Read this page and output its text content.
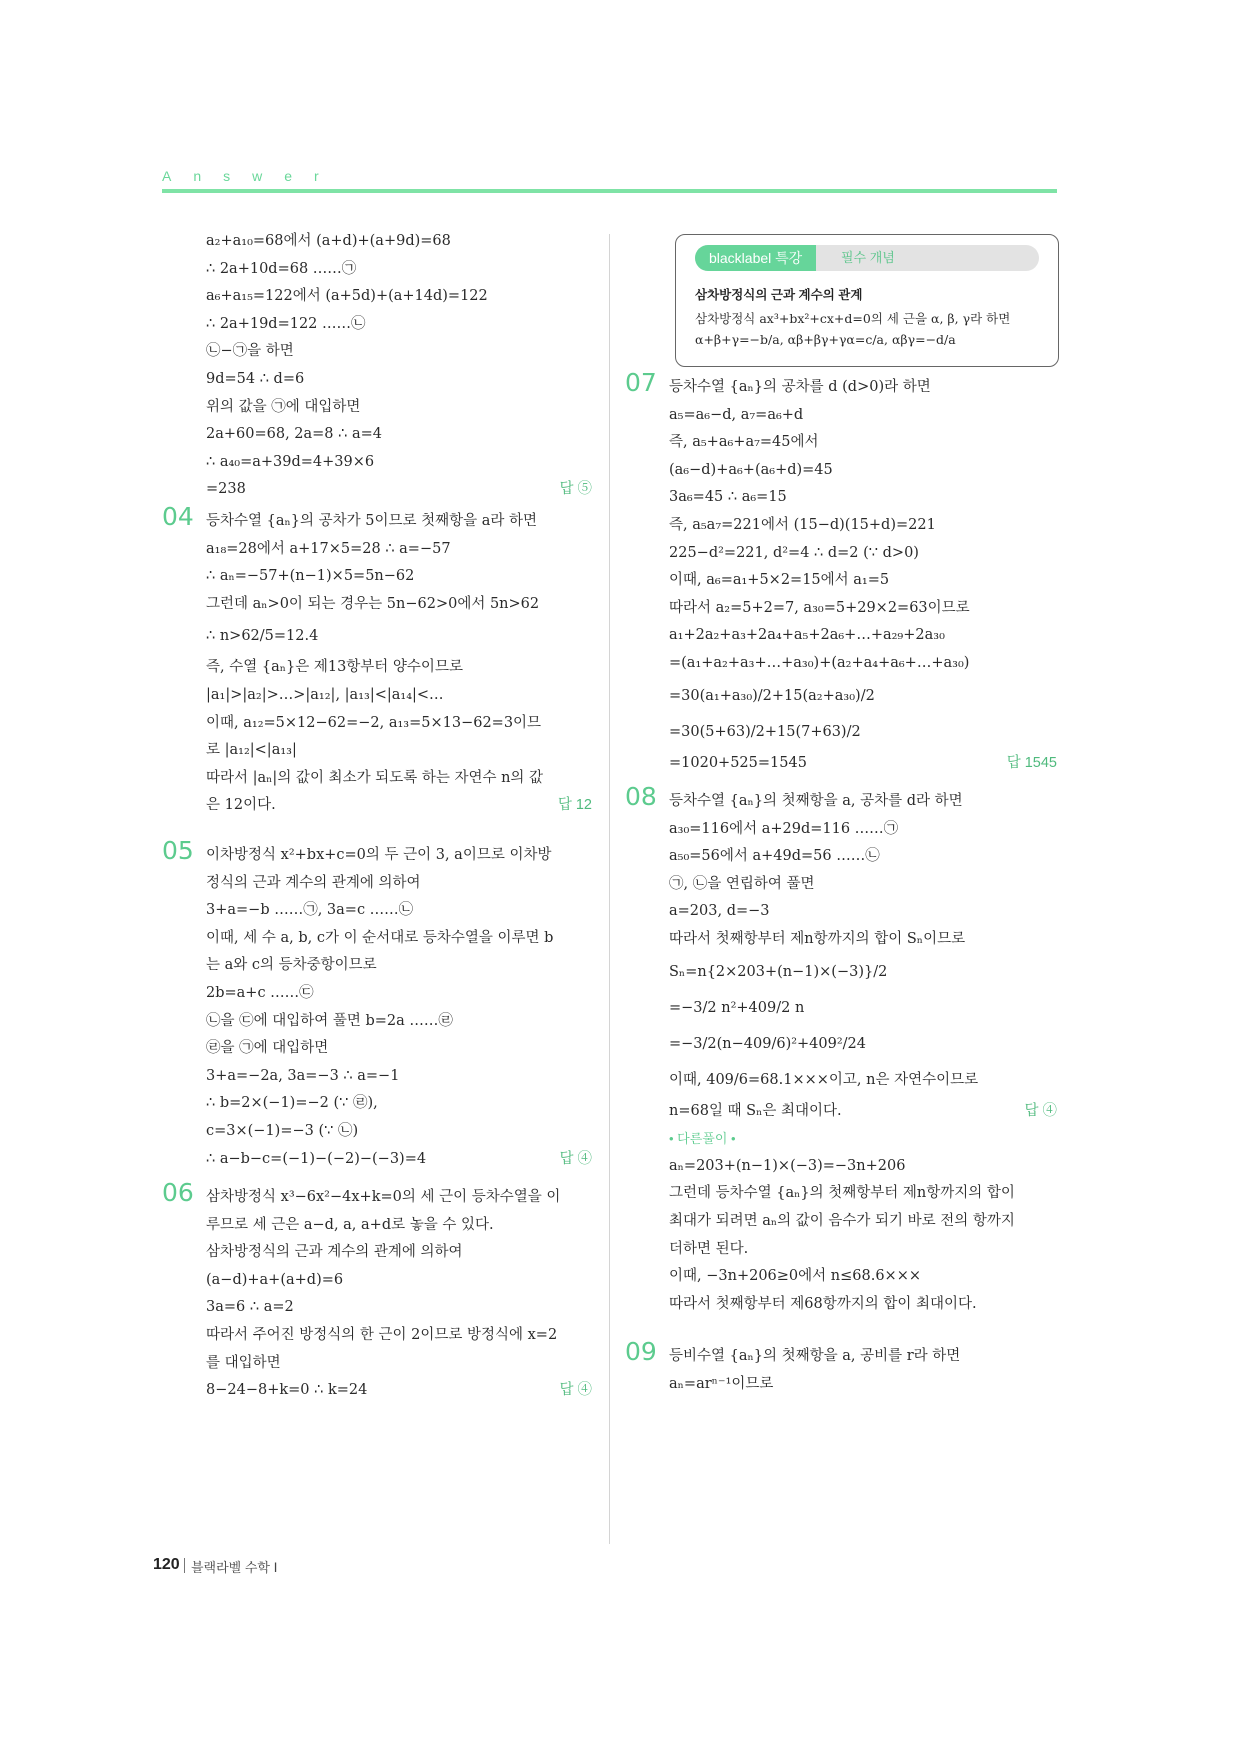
Answer
a₂+a₁₀=68에서 (a+d)+(a+9d)=68
∴ 2a+10d=68 ……㉠
a₆+a₁₅=122에서 (a+5d)+(a+14d)=122
∴ 2a+19d=122 ……㉡
㉡−㉠을 하면
9d=54 ∴ d=6
위의 값을 ㉠에 대입하면
2a+60=68, 2a=8 ∴ a=4
∴ a₄₀=a+39d=4+39×6
=238	답 ⑤
04 등차수열 {aₙ}의 공차가 5이므로 첫째항을 a라 하면
a₁₈=28에서 a+17×5=28 ∴ a=−57
∴ aₙ=−57+(n−1)×5=5n−62
그런데 aₙ>0이 되는 경우는 5n−62>0에서 5n>62
∴ n>62/5=12.4
즉, 수열 {aₙ}은 제13항부터 양수이므로
|a₁|>|a₂|>…>|a₁₂|, |a₁₃|<|a₁₄|<…
이때, a₁₂=5×12−62=−2, a₁₃=5×13−62=3이므
로 |a₁₂|<|a₁₃|
따라서 |aₙ|의 값이 최소가 되도록 하는 자연수 n의 값
은 12이다.	답 12
05 이차방정식 x²+bx+c=0의 두 근이 3, a이므로 이차방
정식의 근과 계수의 관계에 의하여
3+a=−b ……㉠, 3a=c ……㉡
이때, 세 수 a, b, c가 이 순서대로 등차수열을 이루면 b
는 a와 c의 등차중항이므로
2b=a+c ……㉢
㉡을 ㉢에 대입하여 풀면 b=2a ……㉣
㉣을 ㉠에 대입하면
3+a=−2a, 3a=−3 ∴ a=−1
∴ b=2×(−1)=−2 (∵ ㉣),
c=3×(−1)=−3 (∵ ㉡)
∴ a−b−c=(−1)−(−2)−(−3)=4	답 ④
06 삼차방정식 x³−6x²−4x+k=0의 세 근이 등차수열을 이
루므로 세 근은 a−d, a, a+d로 놓을 수 있다.
삼차방정식의 근과 계수의 관계에 의하여
(a−d)+a+(a+d)=6
3a=6 ∴ a=2
따라서 주어진 방정식의 한 근이 2이므로 방정식에 x=2
를 대입하면
8−24−8+k=0 ∴ k=24	답 ④
07 등차수열 {aₙ}의 공차를 d (d>0)라 하면
a₅=a₆−d, a₇=a₆+d
즉, a₅+a₆+a₇=45에서
(a₆−d)+a₆+(a₆+d)=45
3a₆=45 ∴ a₆=15
즉, a₅a₇=221에서 (15−d)(15+d)=221
225−d²=221, d²=4 ∴ d=2 (∵ d>0)
이때, a₆=a₁+5×2=15에서 a₁=5
따라서 a₂=5+2=7, a₃₀=5+29×2=63이므로
a₁+2a₂+a₃+2a₄+a₅+2a₆+…+a₂₉+2a₃₀
=(a₁+a₂+a₃+…+a₃₀)+(a₂+a₄+a₆+…+a₃₀)
=30(a₁+a₃₀)/2+15(a₂+a₃₀)/2
=30(5+63)/2+15(7+63)/2
=1020+525=1545	답 1545
08 등차수열 {aₙ}의 첫째항을 a, 공차를 d라 하면
a₃₀=116에서 a+29d=116 ……㉠
a₅₀=56에서 a+49d=56 ……㉡
㉠, ㉡을 연립하여 풀면
a=203, d=−3
따라서 첫째항부터 제n항까지의 합이 Sₙ이므로
Sₙ=n{2×203+(n−1)×(−3)}/2
=−3/2 n²+409/2 n
=−3/2(n−409/6)²+409²/24
이때, 409/6=68.1×××이고, n은 자연수이므로
n=68일 때 Sₙ은 최대이다.	답 ④
• 다른풀이 •
aₙ=203+(n−1)×(−3)=−3n+206
그런데 등차수열 {aₙ}의 첫째항부터 제n항까지의 합이
최대가 되려면 aₙ의 값이 음수가 되기 바로 전의 항까지
더하면 된다.
이때, −3n+206≥0에서 n≤68.6×××
따라서 첫째항부터 제68항까지의 합이 최대이다.
09 등비수열 {aₙ}의 첫째항을 a, 공비를 r라 하면
aₙ=arⁿ⁻¹이므로
blacklabel 특강	필수 개념
삼차방정식의 근과 계수의 관계
삼차방정식 ax³+bx²+cx+d=0의 세 근을 α, β, γ라 하면
α+β+γ=−b/a, αβ+βγ+γα=c/a, αβγ=−d/a
120 블랙라벨 수학 Ⅰ
